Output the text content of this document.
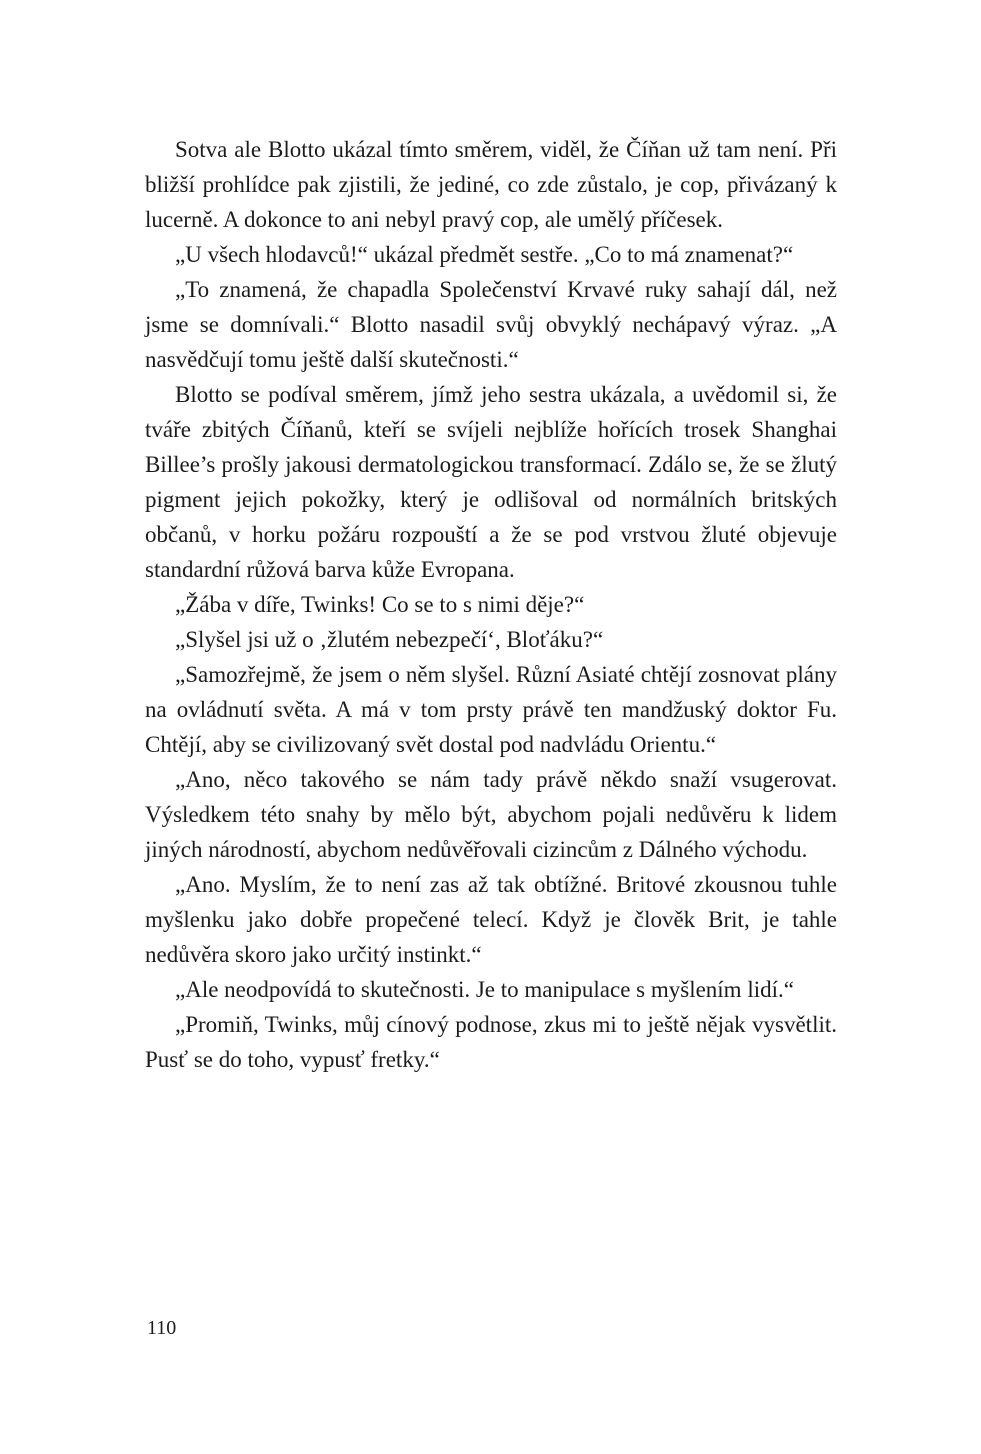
Sotva ale Blotto ukázal tímto směrem, viděl, že Číňan už tam není. Při bližší prohlídce pak zjistili, že jediné, co zde zůstalo, je cop, přivázaný k lucerně. A dokonce to ani nebyl pravý cop, ale umělý příčesek.

„U všech hlodavců!“ ukázal předmět sestře. „Co to má znamenat?“

„To znamená, že chapadla Společenství Krvavé ruky sahají dál, než jsme se domnívali.“ Blotto nasadil svůj obvyklý nechápavý výraz. „A nasvědčují tomu ještě další skutečnosti.“

Blotto se podíval směrem, jímž jeho sestra ukázala, a uvědomil si, že tváře zbitých Číňanů, kteří se svíjeli nejblíže hořících trosek Shanghai Billee’s prošly jakousi dermatologickou transformací. Zdálo se, že se žlutý pigment jejich pokožky, který je odlišoval od normálních britských občanů, v horku požáru rozpouští a že se pod vrstvou žluté objevuje standardní růžová barva kůže Evropana.

„Žába v díře, Twinks! Co se to s nimi děje?“

„Slyšel jsi už o ‚žlutém nebezpečí‘, Bloťáku?“

„Samozřejmě, že jsem o něm slyšel. Různí Asiaté chtějí zosnovat plány na ovládnutí světa. A má v tom prsty právě ten mandžuský doktor Fu. Chtějí, aby se civilizovaný svět dostal pod nadvládu Orientu.“

„Ano, něco takového se nám tady právě někdo snaží vsugerovat. Výsledkem této snahy by mělo být, abychom pojali nedůvěru k lidem jiných národností, abychom nedůvěřovali cizincům z Dálného východu.

„Ano. Myslím, že to není zas až tak obtížné. Britové zkousnou tuhle myšlenku jako dobře propečené telecí. Když je člověk Brit, je tahle nedůvěra skoro jako určitý instinkt.“

„Ale neodpovídá to skutečnosti. Je to manipulace s myšlením lidí.“

„Promiň, Twinks, můj cínový podnose, zkus mi to ještě nějak vysvětlit. Pusť se do toho, vypusť fretky.“

110
